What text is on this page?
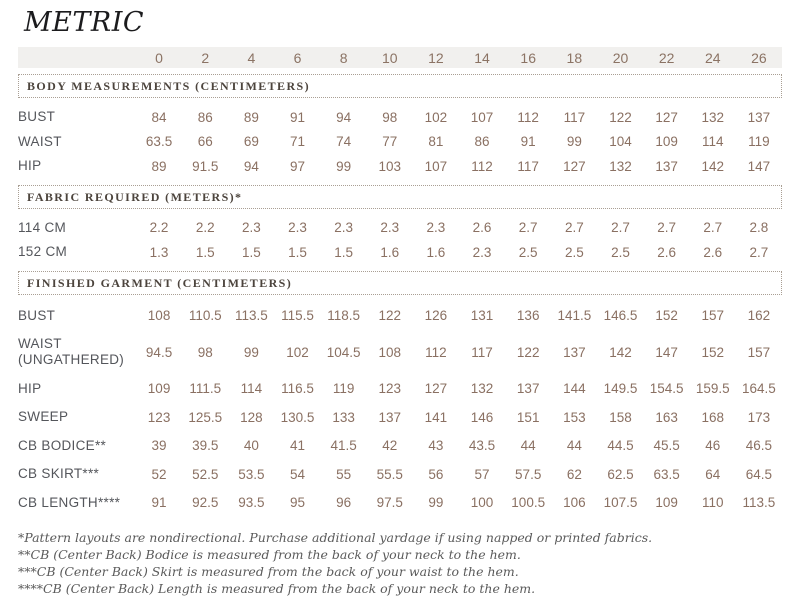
METRIC
	0	2	4	6	8	10	12	14	16	18	20	22	24	26

BODY MEASUREMENTS (CENTIMETERS)														

BUST	84	86	89	91	94	98	102	107	112	117	122	127	132	137
WAIST	63.5	66	69	71	74	77	81	86	91	99	104	109	114	119
HIP	89	91.5	94	97	99	103	107	112	117	127	132	137	142	147

FABRIC REQUIRED (METERS)*														

114 CM	2.2	2.2	2.3	2.3	2.3	2.3	2.3	2.6	2.7	2.7	2.7	2.7	2.7	2.8
152 CM	1.3	1.5	1.5	1.5	1.5	1.6	1.6	2.3	2.5	2.5	2.5	2.6	2.6	2.7

FINISHED GARMENT (CENTIMETERS)														

BUST	108	110.5	113.5	115.5	118.5	122	126	131	136	141.5	146.5	152	157	162
WAIST (UNGATHERED)	94.5	98	99	102	104.5	108	112	117	122	137	142	147	152	157
HIP	109	111.5	114	116.5	119	123	127	132	137	144	149.5	154.5	159.5	164.5
SWEEP	123	125.5	128	130.5	133	137	141	146	151	153	158	163	168	173
CB BODICE**	39	39.5	40	41	41.5	42	43	43.5	44	44	44.5	45.5	46	46.5
CB SKIRT***	52	52.5	53.5	54	55	55.5	56	57	57.5	62	62.5	63.5	64	64.5
CB LENGTH****	91	92.5	93.5	95	96	97.5	99	100	100.5	106	107.5	109	110	113.5

*Pattern layouts are nondirectional. Purchase additional yardage if using napped or printed fabrics.

**CB (Center Back) Bodice is measured from the back of your neck to the hem.

***CB (Center Back) Skirt is measured from the back of your waist to the hem.

****CB (Center Back) Length is measured from the back of your neck to the hem.
